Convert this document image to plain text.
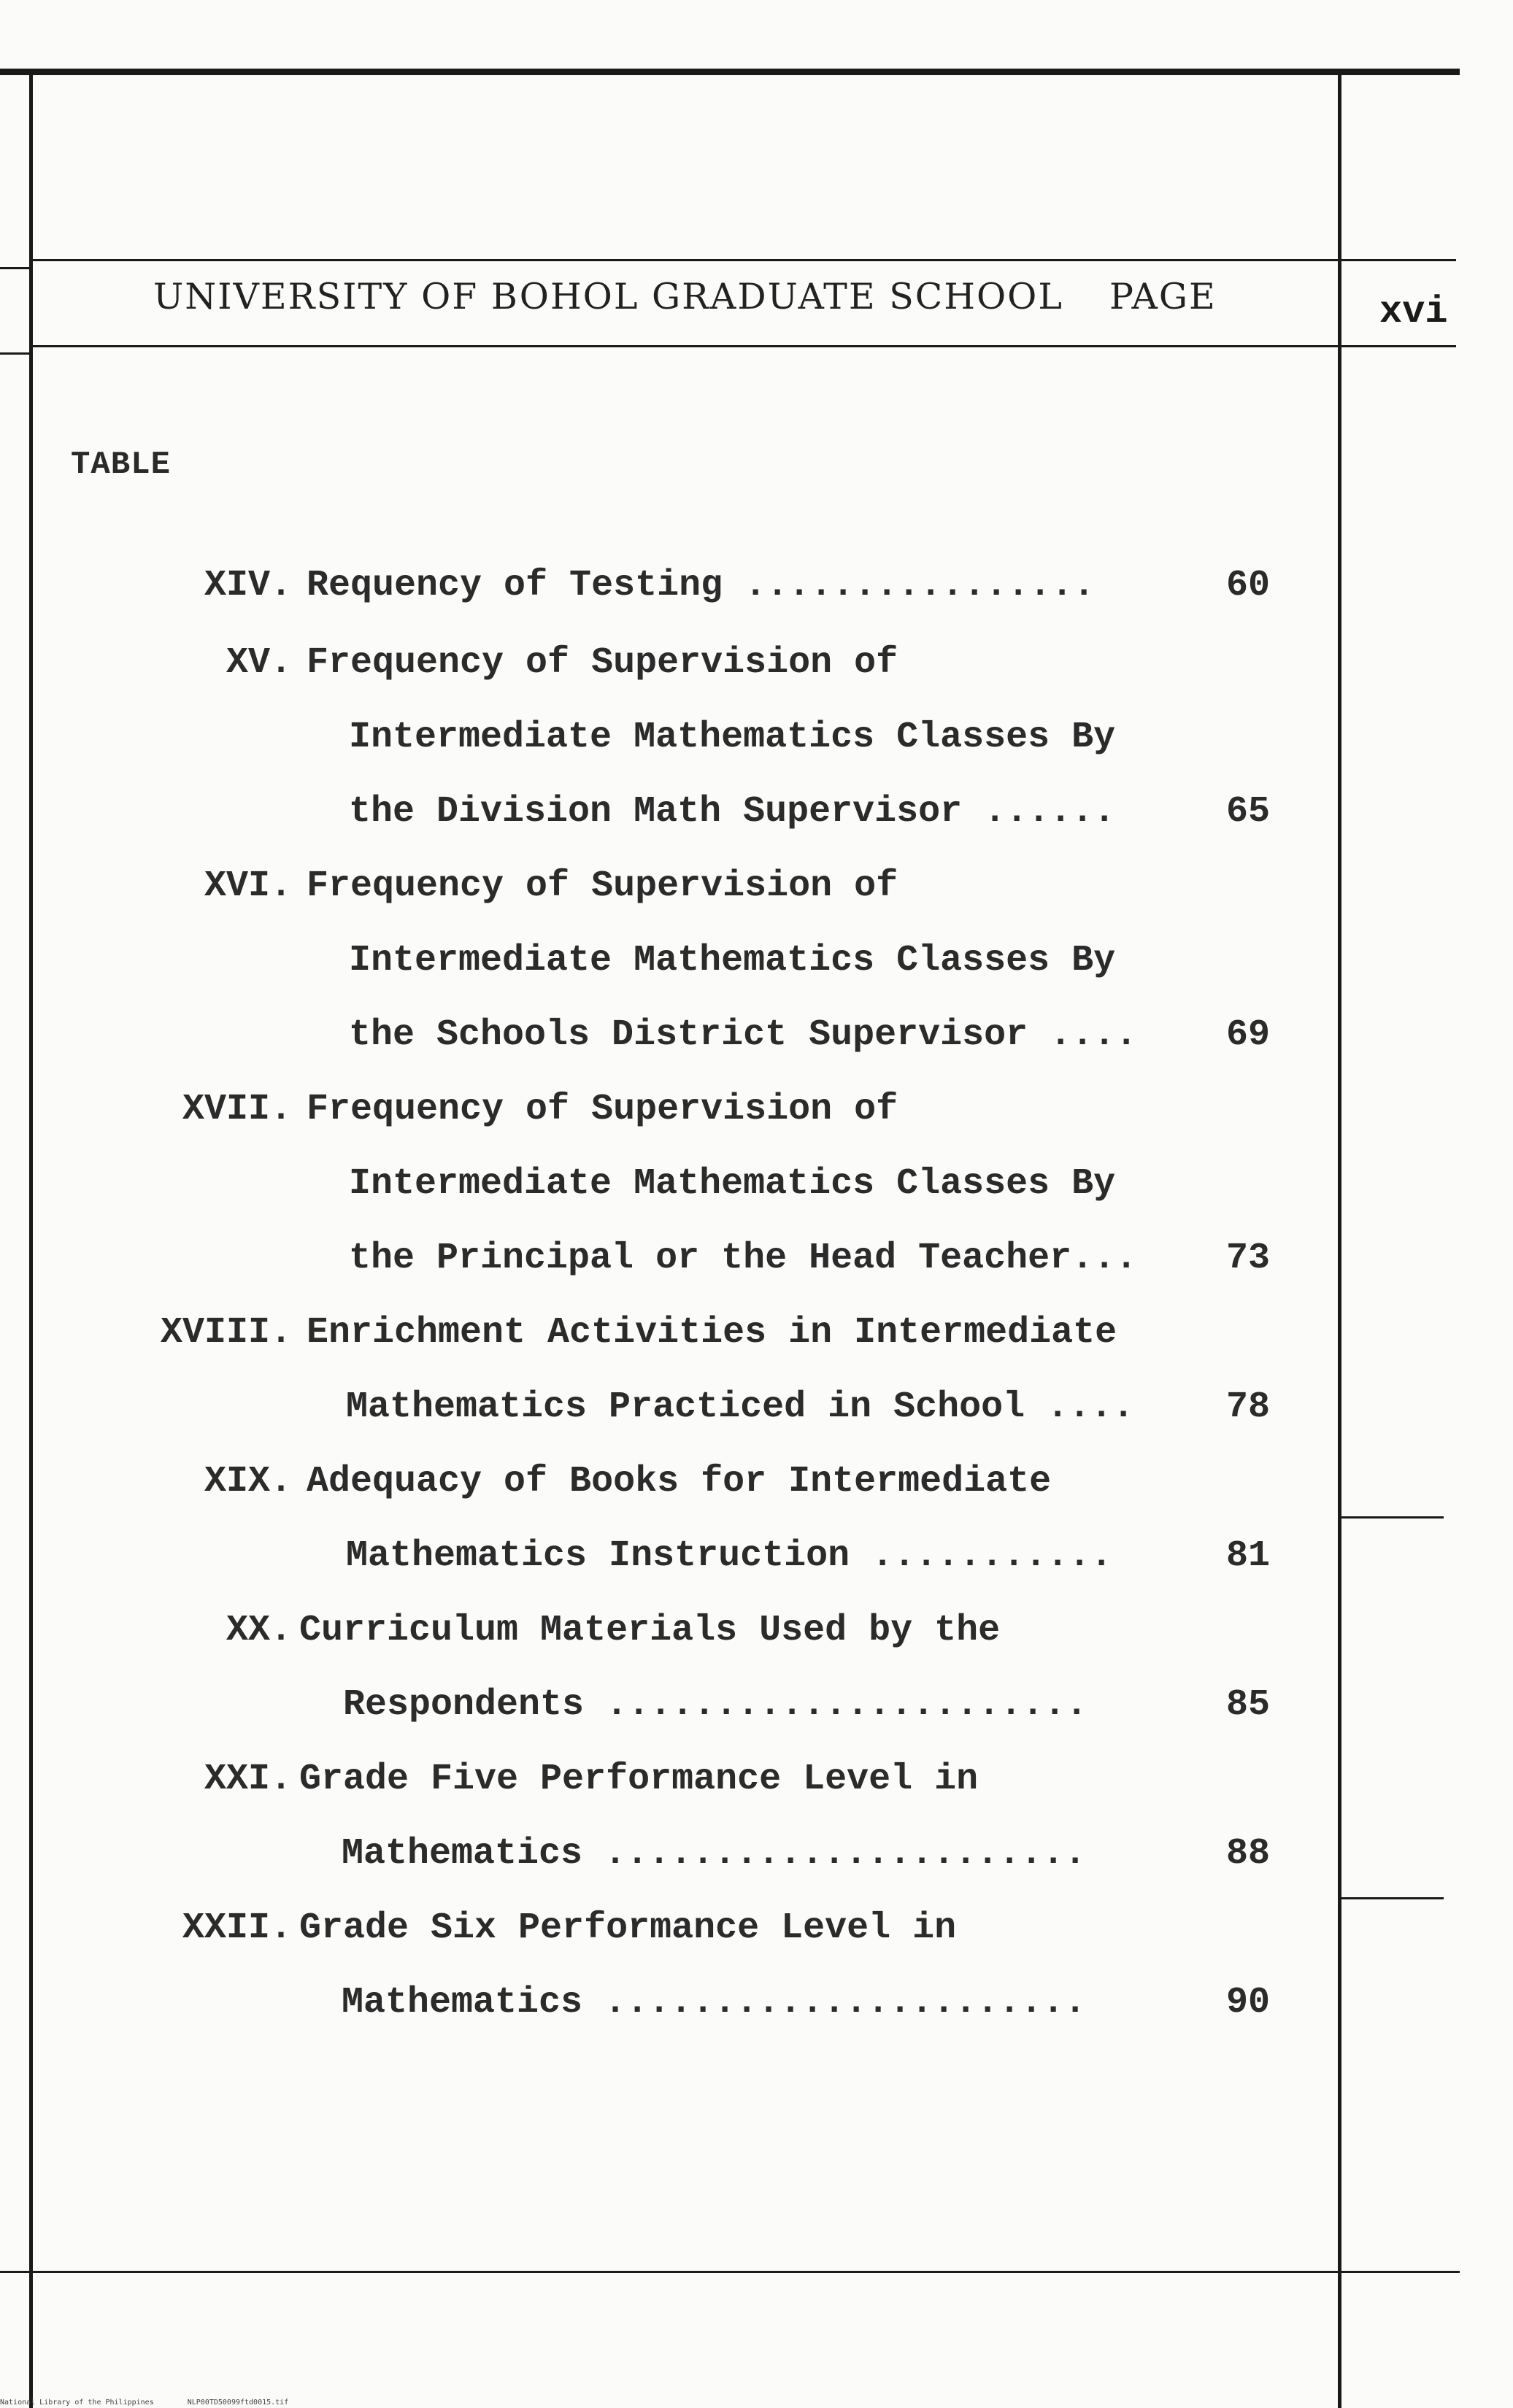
UNIVERSITY OF BOHOL GRADUATE SCHOOL PAGE	xvi
TABLE
XIV. Requency of Testing ................	60
XV. Frequency of Supervision of
Intermediate Mathematics Classes By
the Division Math Supervisor ......	65
XVI. Frequency of Supervision of
Intermediate Mathematics Classes By
the Schools District Supervisor ....	69
XVII. Frequency of Supervision of
Intermediate Mathematics Classes By
the Principal or the Head Teacher...	73
XVIII. Enrichment Activities in Intermediate
Mathematics Practiced in School ....	78
XIX. Adequacy of Books for Intermediate
Mathematics Instruction ...........	81
XX. Curriculum Materials Used by the
Respondents ......................	85
XXI. Grade Five Performance Level in
Mathematics ......................	88
XXII. Grade Six Performance Level in
Mathematics ......................	90
National Library of the Philippines	NLP00TD50099ftd0015.tif
